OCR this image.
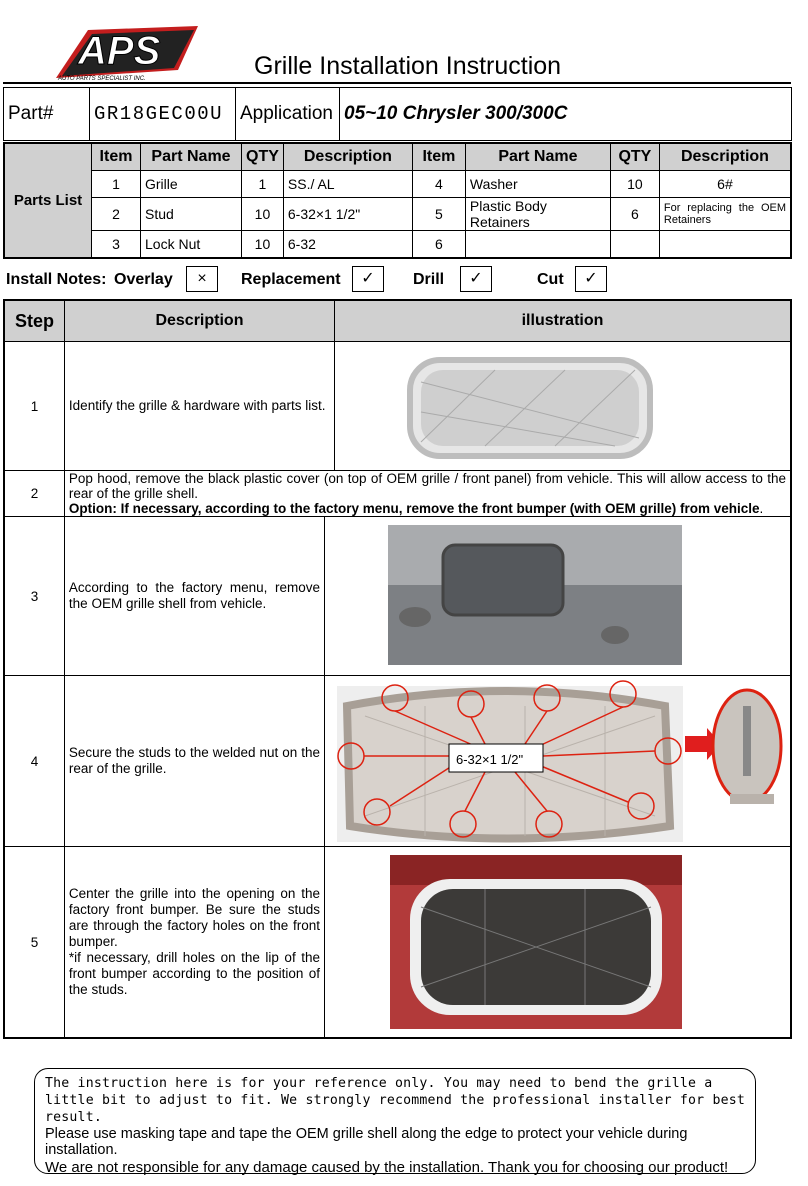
APS
AUTO PARTS SPECIALIST INC.	Grille Installation Instruction
Part#	GR18GEC00U	Application	05~10 Chrysler 300/300C
Parts List	Item	Part Name	QTY	Description	Item	Part Name	QTY	Description
	1	Grille	1	SS./ AL	4	Washer	10	6#
	2	Stud	10	6-32×1 1/2"	5	Plastic Body Retainers	6	For replacing the OEM Retainers
	3	Lock Nut	10	6-32	6			
Install Notes: Overlay	×	Replacement	✓	Drill	✓	Cut	✓
Step	Description		illustration
1	Identify the grille & hardware with parts list.	

2	Pop hood, remove the black plastic cover (on top of OEM grille / front panel) from vehicle. This will allow access to the rear of the grille shell.
Option: If necessary, according to the factory menu, remove the front bumper (with OEM grille) from vehicle.		
3	According to the factory menu, remove the OEM grille shell from vehicle.	

4	Secure the studs to the welded nut on the rear of the grille.	6-32×1 1/2"	

5	Center the grille into the opening on the factory front bumper. Be sure the studs are through the factory holes on the front bumper.
*if necessary, drill holes on the lip of the front bumper according to the position of the studs.	

The instruction here is for your reference only. You may need to bend the grille a little bit to adjust to fit. We strongly recommend the professional installer for best result.

Please use masking tape and tape the OEM grille shell along the edge to protect your vehicle during installation.

We are not responsible for any damage caused by the installation. Thank you for choosing our product!
